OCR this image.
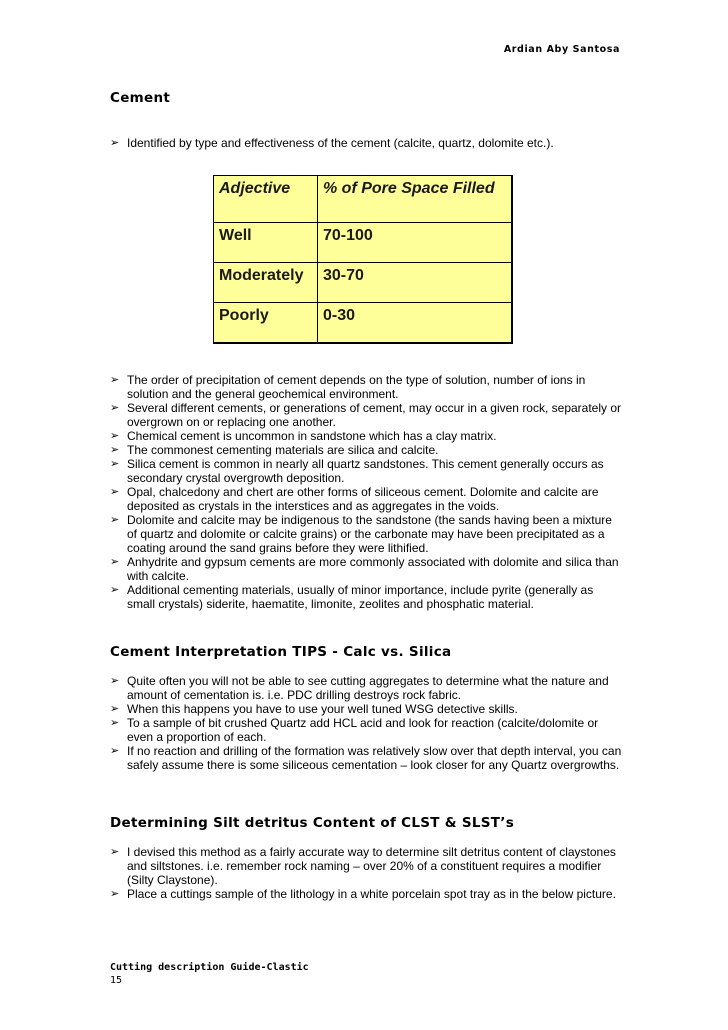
Ardian Aby Santosa
Cement
➢ Identified by type and effectiveness of the cement (calcite, quartz, dolomite etc.).
Adjective	% of Pore Space Filled
Well	70-100
Moderately	30-70
Poorly	0-30
➢ The order of precipitation of cement depends on the type of solution, number of ions in solution and the general geochemical environment.
➢ Several different cements, or generations of cement, may occur in a given rock, separately or overgrown on or replacing one another.
➢ Chemical cement is uncommon in sandstone which has a clay matrix.
➢ The commonest cementing materials are silica and calcite.
➢ Silica cement is common in nearly all quartz sandstones. This cement generally occurs as secondary crystal overgrowth deposition.
➢ Opal, chalcedony and chert are other forms of siliceous cement. Dolomite and calcite are deposited as crystals in the interstices and as aggregates in the voids.
➢ Dolomite and calcite may be indigenous to the sandstone (the sands having been a mixture of quartz and dolomite or calcite grains) or the carbonate may have been precipitated as a coating around the sand grains before they were lithified.
➢ Anhydrite and gypsum cements are more commonly associated with dolomite and silica than with calcite.
➢ Additional cementing materials, usually of minor importance, include pyrite (generally as small crystals) siderite, haematite, limonite, zeolites and phosphatic material.
Cement Interpretation TIPS - Calc vs. Silica
➢ Quite often you will not be able to see cutting aggregates to determine what the nature and amount of cementation is. i.e. PDC drilling destroys rock fabric.
➢ When this happens you have to use your well tuned WSG detective skills.
➢ To a sample of bit crushed Quartz add HCL acid and look for reaction (calcite/dolomite or even a proportion of each.
➢ If no reaction and drilling of the formation was relatively slow over that depth interval, you can safely assume there is some siliceous cementation – look closer for any Quartz overgrowths.
Determining Silt detritus Content of CLST & SLST’s
➢ I devised this method as a fairly accurate way to determine silt detritus content of claystones and siltstones. i.e. remember rock naming – over 20% of a constituent requires a modifier (Silty Claystone).
➢ Place a cuttings sample of the lithology in a white porcelain spot tray as in the below picture.
Cutting description Guide-Clastic
15
